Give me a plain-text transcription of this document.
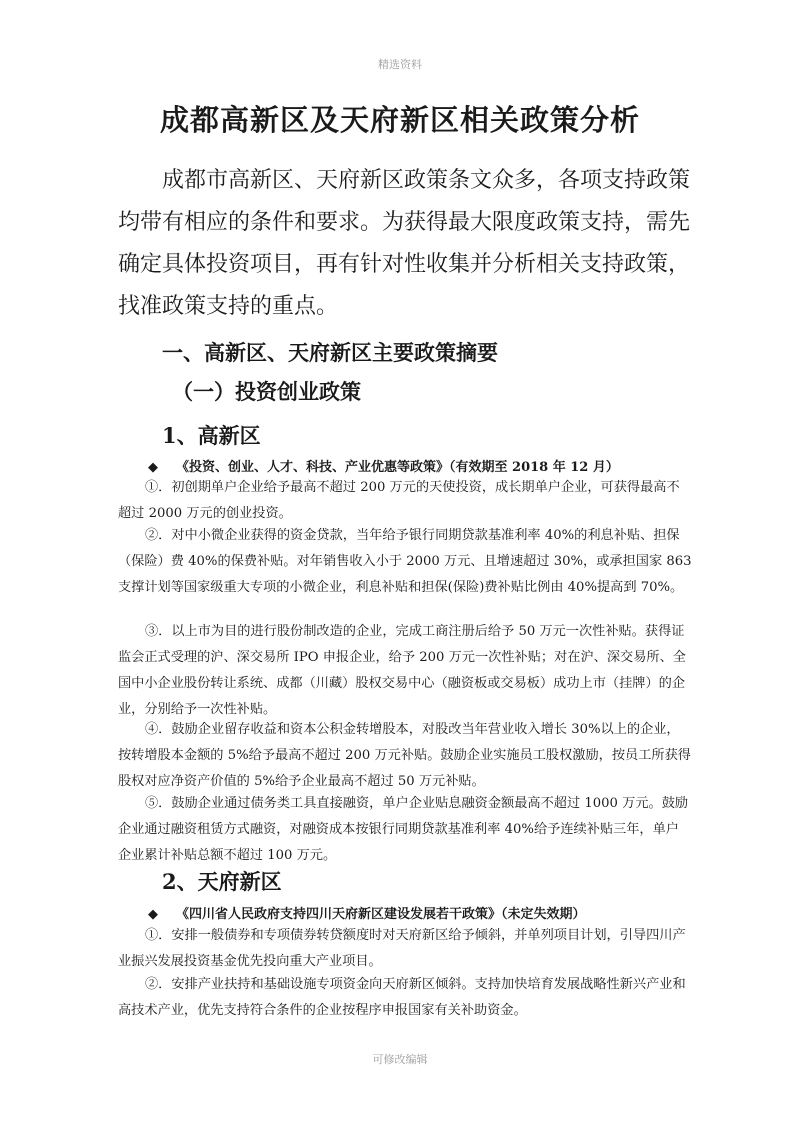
精选资料
成都高新区及天府新区相关政策分析

成都市高新区、天府新区政策条文众多，各项支持政策均带有相应的条件和要求。为获得最大限度政策支持，需先确定具体投资项目，再有针对性收集并分析相关支持政策，找准政策支持的重点。

一、高新区、天府新区主要政策摘要
（一）投资创业政策
1、高新区
◆ 《投资、创业、人才、科技、产业优惠等政策》（有效期至 2018 年 12 月）

①．初创期单户企业给予最高不超过 200 万元的天使投资，成长期单户企业，可获得最高不超过 2000 万元的创业投资。

②．对中小微企业获得的资金贷款，当年给予银行同期贷款基准利率 40%的利息补贴、担保（保险）费 40%的保费补贴。对年销售收入小于 2000 万元、且增速超过 30%，或承担国家 863 支撑计划等国家级重大专项的小微企业，利息补贴和担保(保险)费补贴比例由 40%提高到 70%。

③．以上市为目的进行股份制改造的企业，完成工商注册后给予 50 万元一次性补贴。获得证监会正式受理的沪、深交易所 IPO 申报企业，给予 200 万元一次性补贴；对在沪、深交易所、全国中小企业股份转让系统、成都（川藏）股权交易中心（融资板或交易板）成功上市（挂牌）的企业，分别给予一次性补贴。

④．鼓励企业留存收益和资本公积金转增股本，对股改当年营业收入增长 30%以上的企业，按转增股本金额的 5%给予最高不超过 200 万元补贴。鼓励企业实施员工股权激励，按员工所获得股权对应净资产价值的 5%给予企业最高不超过 50 万元补贴。

⑤．鼓励企业通过债务类工具直接融资，单户企业贴息融资金额最高不超过 1000 万元。鼓励企业通过融资租赁方式融资，对融资成本按银行同期贷款基准利率 40%给予连续补贴三年，单户企业累计补贴总额不超过 100 万元。

2、天府新区
◆ 《四川省人民政府支持四川天府新区建设发展若干政策》（未定失效期）

①．安排一般债券和专项债券转贷额度时对天府新区给予倾斜，并单列项目计划，引导四川产业振兴发展投资基金优先投向重大产业项目。

②．安排产业扶持和基础设施专项资金向天府新区倾斜。支持加快培育发展战略性新兴产业和高技术产业，优先支持符合条件的企业按程序申报国家有关补助资金。

可修改编辑
